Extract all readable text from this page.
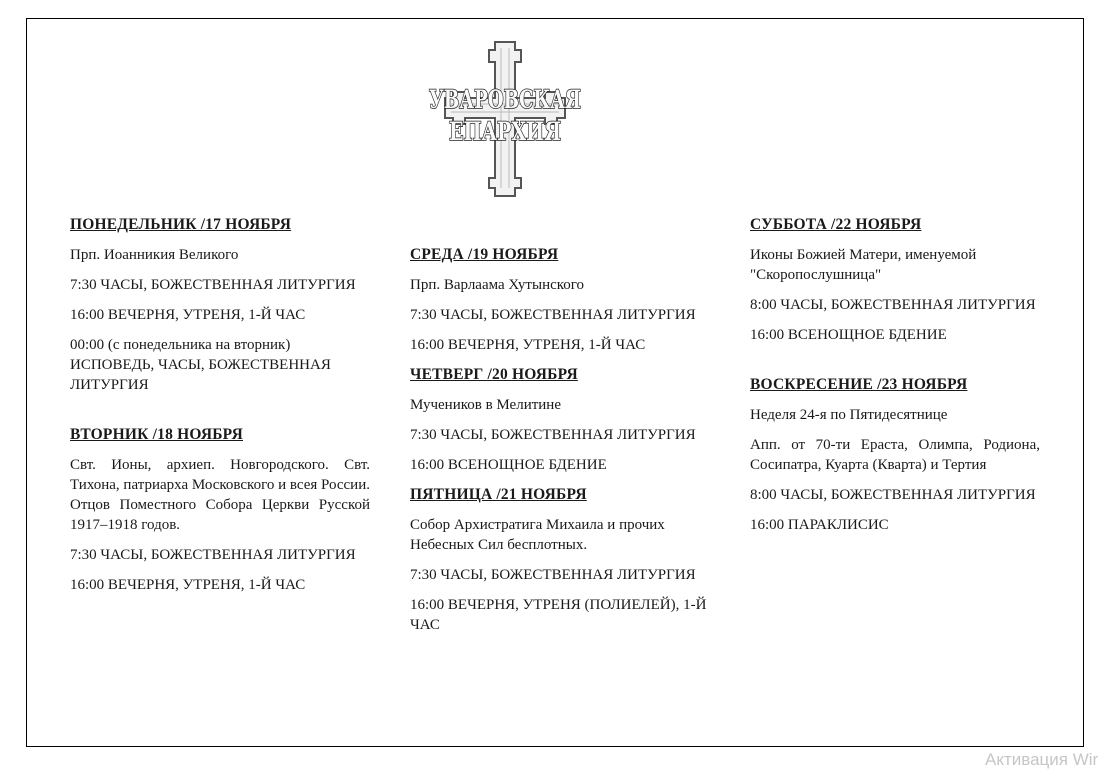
УВАРОВСКАЯ
ЕПАРХИЯ
ПОНЕДЕЛЬНИК /17 НОЯБРЯ
Прп. Иоанникия Великого
7:30 ЧАСЫ, БОЖЕСТВЕННАЯ ЛИТУРГИЯ
16:00 ВЕЧЕРНЯ, УТРЕНЯ, 1-Й ЧАС
00:00 (с понедельника на вторник) ИСПОВЕДЬ, ЧАСЫ, БОЖЕСТВЕННАЯ ЛИТУРГИЯ
ВТОРНИК /18 НОЯБРЯ
Свт. Ионы, архиеп. Новгородского. Свт. Тихона, патриарха Московского и всея России. Отцов Поместного Собора Церкви Русской 1917–1918 годов.
7:30 ЧАСЫ, БОЖЕСТВЕННАЯ ЛИТУРГИЯ
16:00 ВЕЧЕРНЯ, УТРЕНЯ, 1-Й ЧАС
СРЕДА /19 НОЯБРЯ
Прп. Варлаама Хутынского
7:30 ЧАСЫ, БОЖЕСТВЕННАЯ ЛИТУРГИЯ
16:00 ВЕЧЕРНЯ, УТРЕНЯ, 1-Й ЧАС
ЧЕТВЕРГ /20 НОЯБРЯ
Мучеников в Мелитине
7:30 ЧАСЫ, БОЖЕСТВЕННАЯ ЛИТУРГИЯ
16:00 ВСЕНОЩНОЕ БДЕНИЕ
ПЯТНИЦА /21 НОЯБРЯ
Собор Архистратига Михаила и прочих Небесных Сил бесплотных.
7:30 ЧАСЫ, БОЖЕСТВЕННАЯ ЛИТУРГИЯ
16:00 ВЕЧЕРНЯ, УТРЕНЯ (ПОЛИЕЛЕЙ), 1-Й ЧАС
СУББОТА /22 НОЯБРЯ
Иконы Божией Матери, именуемой "Скоропослушница"
8:00 ЧАСЫ, БОЖЕСТВЕННАЯ ЛИТУРГИЯ
16:00 ВСЕНОЩНОЕ БДЕНИЕ
ВОСКРЕСЕНИЕ /23 НОЯБРЯ
Неделя 24-я по Пятидесятнице
Апп. от 70-ти Ераста, Олимпа, Родиона, Сосипатра, Куарта (Кварта) и Тертия
8:00 ЧАСЫ, БОЖЕСТВЕННАЯ ЛИТУРГИЯ
16:00 ПАРАКЛИСИС
Активация Wir
